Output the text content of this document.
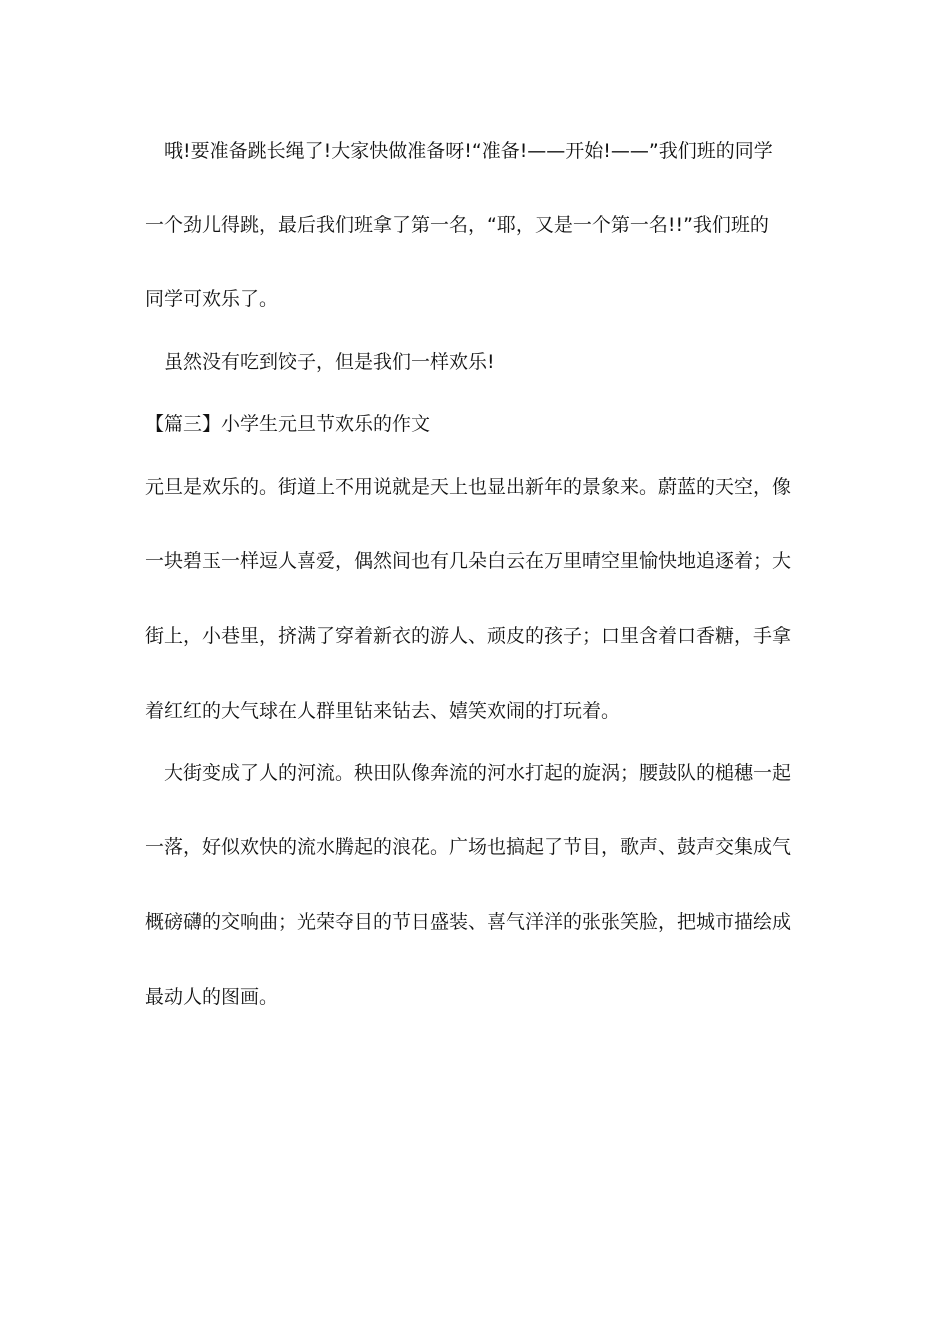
　哦!要准备跳长绳了!大家快做准备呀!“准备!——开始!——”我们班的同学
一个劲儿得跳，最后我们班拿了第一名，“耶，又是一个第一名!!”我们班的
同学可欢乐了。
　虽然没有吃到饺子，但是我们一样欢乐!
【篇三】小学生元旦节欢乐的作文
元旦是欢乐的。街道上不用说就是天上也显出新年的景象来。蔚蓝的天空，像
一块碧玉一样逗人喜爱，偶然间也有几朵白云在万里晴空里愉快地追逐着；大
街上，小巷里，挤满了穿着新衣的游人、顽皮的孩子；口里含着口香糖，手拿
着红红的大气球在人群里钻来钻去、嬉笑欢闹的打玩着。
　大街变成了人的河流。秧田队像奔流的河水打起的旋涡；腰鼓队的槌穗一起
一落，好似欢快的流水腾起的浪花。广场也搞起了节目，歌声、鼓声交集成气
概磅礴的交响曲；光荣夺目的节日盛装、喜气洋洋的张张笑脸，把城市描绘成
最动人的图画。
